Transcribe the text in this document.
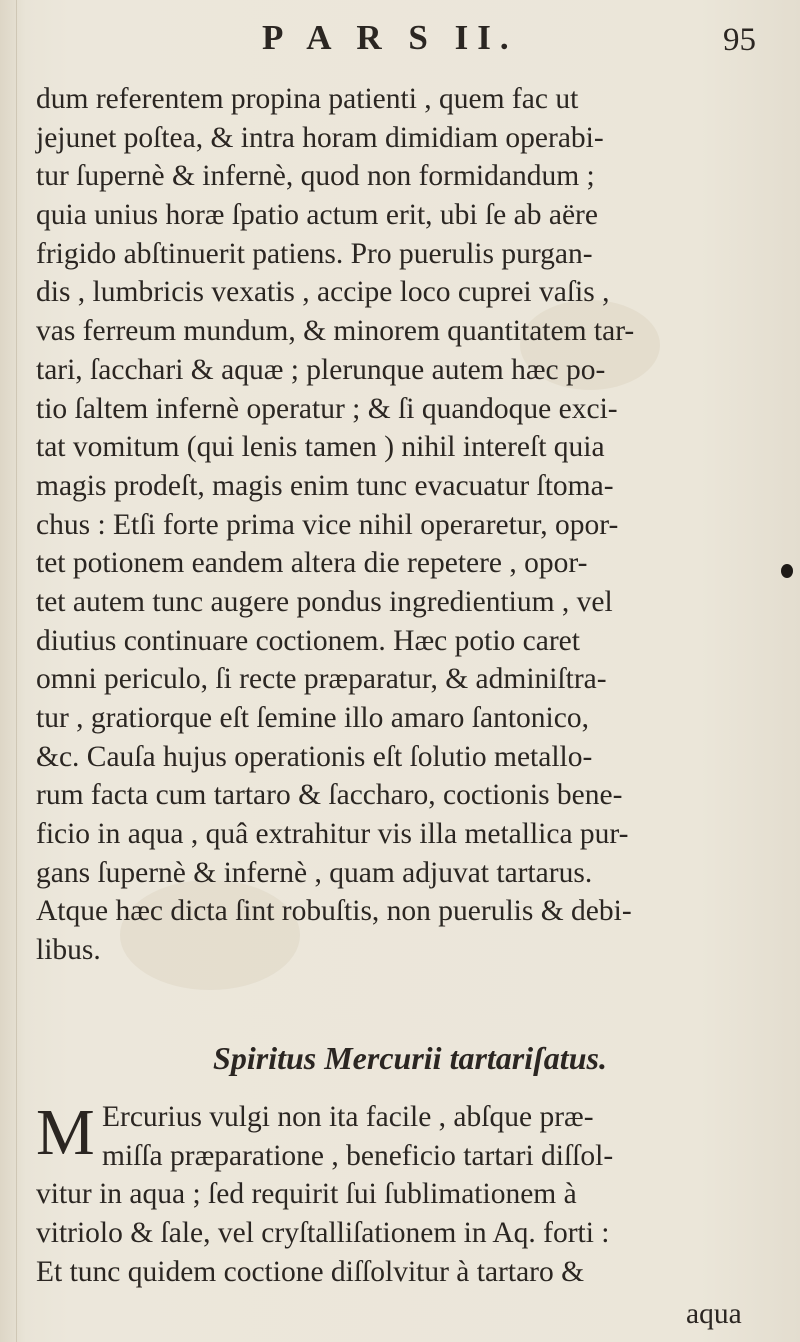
P A R S II.	95
dum referentem propina patienti , quem fac ut
jejunet poſtea, & intra horam dimidiam operabi-
tur ſupernè & infernè, quod non formidandum ;
quia unius horæ ſpatio actum erit, ubi ſe ab aëre
frigido abſtinuerit patiens. Pro puerulis purgan-
dis , lumbricis vexatis , accipe loco cuprei vaſis ,
vas ferreum mundum, & minorem quantitatem tar-
tari, ſacchari & aquæ ; plerunque autem hæc po-
tio ſaltem infernè operatur ; & ſi quandoque exci-
tat vomitum (qui lenis tamen ) nihil intereſt quia
magis prodeſt, magis enim tunc evacuatur ſtoma-
chus : Etſi forte prima vice nihil operaretur, opor-
tet potionem eandem altera die repetere , opor-
tet autem tunc augere pondus ingredientium , vel
diutius continuare coctionem. Hæc potio caret
omni periculo, ſi recte præparatur, & adminiſtra-
tur , gratiorque eſt ſemine illo amaro ſantonico,
&c. Cauſa hujus operationis eſt ſolutio metallo-
rum facta cum tartaro & ſaccharo, coctionis bene-
ficio in aqua , quâ extrahitur vis illa metallica pur-
gans ſupernè & infernè , quam adjuvat tartarus.
Atque hæc dicta ſint robuſtis, non puerulis & debi-
libus.
Spiritus Mercurii tartariſatus.
M Ercurius vulgi non ita facile , abſque præ-
miſſa præparatione , beneficio tartari diſſol-
vitur in aqua ; ſed requirit ſui ſublimationem à
vitriolo & ſale, vel cryſtalliſationem in Aq. forti :
Et tunc quidem coctione diſſolvitur à tartaro &
aqua
